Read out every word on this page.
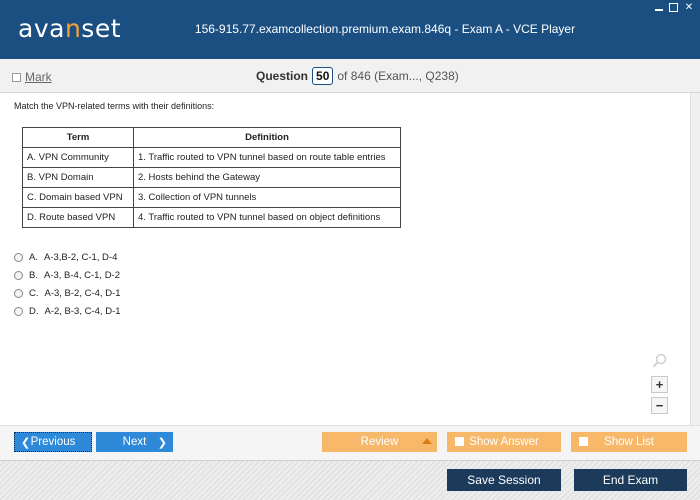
avanset	156-915.77.examcollection.premium.exam.846q - Exam A - VCE Player
✕
Mark	Question 50 of 846 (Exam..., Q238)
Match the VPN-related terms with their definitions:
Term	Definition
A. VPN Community	1. Traffic routed to VPN tunnel based on route table entries
B. VPN Domain	2. Hosts behind the Gateway
C. Domain based VPN	3. Collection of VPN tunnels
D. Route based VPN	4. Traffic routed to VPN tunnel based on object definitions
A. A-3,B-2, C-1, D-4
B. A-3, B-4, C-1, D-2
C. A-3, B-2, C-4, D-1
D. A-2, B-3, C-4, D-1
+
−
❮ Previous	Next ❯	Review	Show Answer	Show List
Save Session	End Exam
